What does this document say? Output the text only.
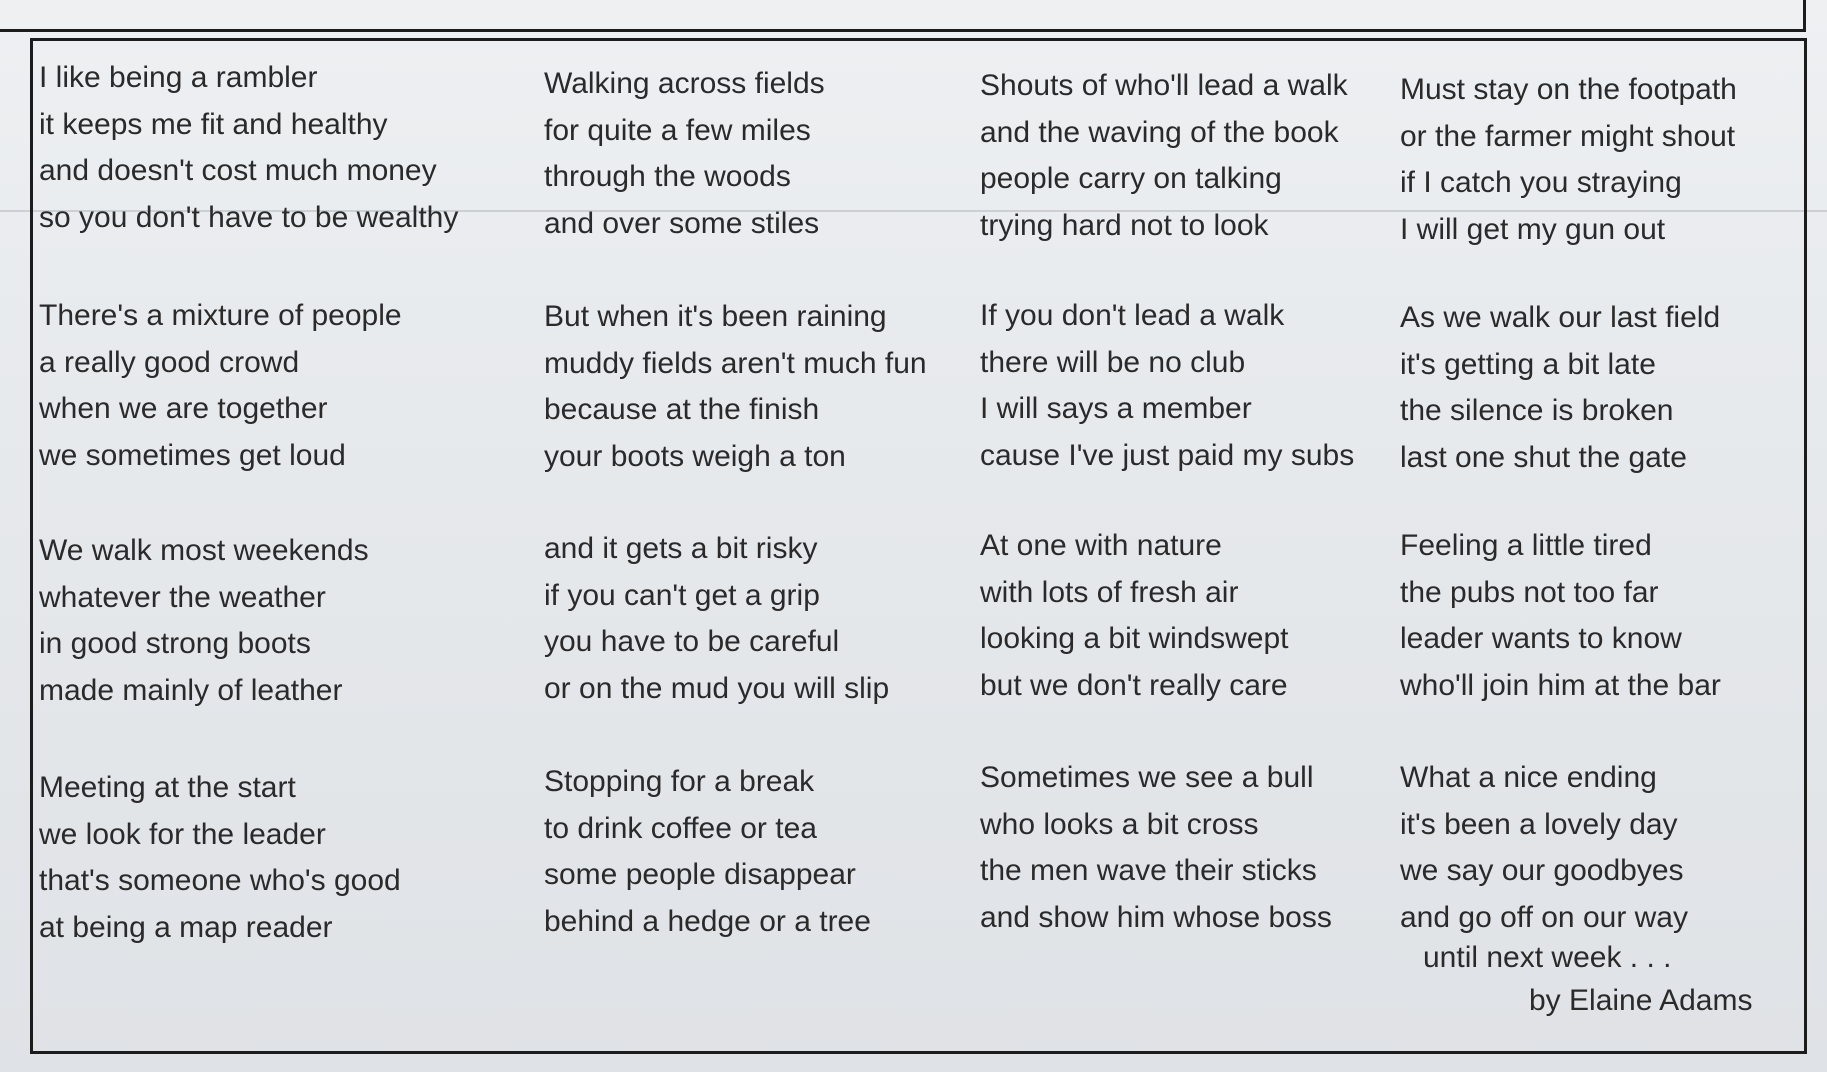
I like being a rambler
it keeps me fit and healthy
and doesn't cost much money
so you don't have to be wealthy
There's a mixture of people
a really good crowd
when we are together
we sometimes get loud
We walk most weekends
whatever the weather
in good strong boots
made mainly of leather
Meeting at the start
we look for the leader
that's someone who's good
at being a map reader
Walking across fields
for quite a few miles
through the woods
and over some stiles
But when it's been raining
muddy fields aren't much fun
because at the finish
your boots weigh a ton
and it gets a bit risky
if you can't get a grip
you have to be careful
or on the mud you will slip
Stopping for a break
to drink coffee or tea
some people disappear
behind a hedge or a tree
Shouts of who'll lead a walk
and the waving of the book
people carry on talking
trying hard not to look
If you don't lead a walk
there will be no club
I will says a member
cause I've just paid my subs
At one with nature
with lots of fresh air
looking a bit windswept
but we don't really care
Sometimes we see a bull
who looks a bit cross
the men wave their sticks
and show him whose boss
Must stay on the footpath
or the farmer might shout
if I catch you straying
I will get my gun out
As we walk our last field
it's getting a bit late
the silence is broken
last one shut the gate
Feeling a little tired
the pubs not too far
leader wants to know
who'll join him at the bar
What a nice ending
it's been a lovely day
we say our goodbyes
and go off on our way
until next week . . .
by Elaine Adams
